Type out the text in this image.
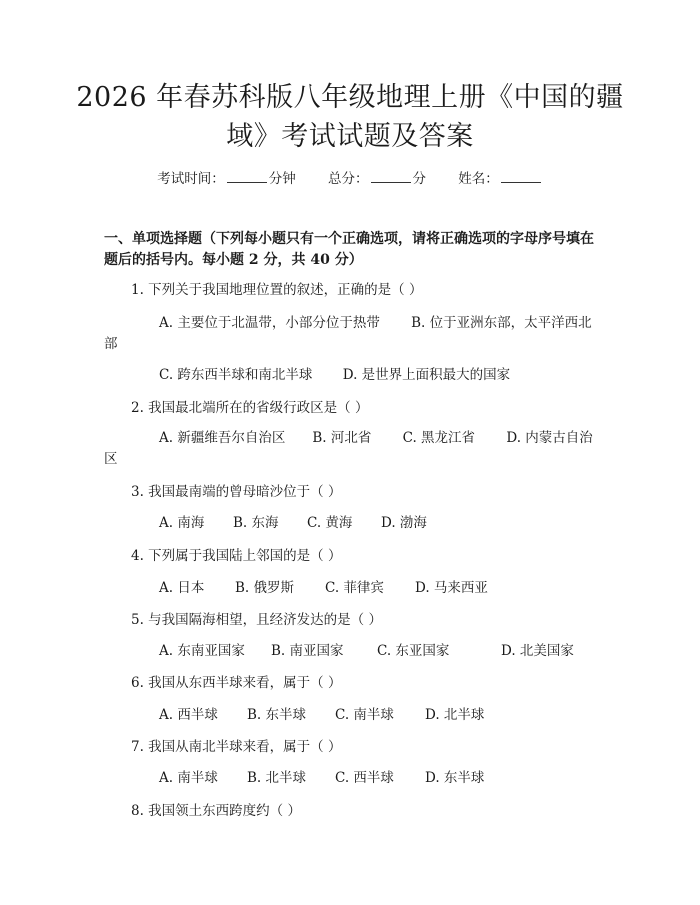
2026 年春苏科版八年级地理上册《中国的疆
域》考试试题及答案
考试时间：	分钟 总分：	分 姓名：
一、单项选择题（下列每小题只有一个正确选项，请将正确选项的字母序号填在题后的括号内。每小题 2 分，共 40 分）
1. 下列关于我国地理位置的叙述，正确的是（ ）
A. 主要位于北温带，小部分位于热带　　 B. 位于亚洲东部，太平洋西北部
C. 跨东西半球和南北半球 D. 是世界上面积最大的国家
2. 我国最北端所在的省级行政区是（ ）
A. 新疆维吾尔自治区　　B. 河北省　　 C. 黑龙江省　　 D. 内蒙古自治区
3. 我国最南端的曾母暗沙位于（ ）
A. 南海 B. 东海 C. 黄海 D. 渤海
4. 下列属于我国陆上邻国的是（ ）
A. 日本 B. 俄罗斯 C. 菲律宾 D. 马来西亚
5. 与我国隔海相望，且经济发达的是（ ）
A. 东南亚国家 B. 南亚国家 C. 东亚国家	D. 北美国家
6. 我国从东西半球来看，属于（ ）
A. 西半球 B. 东半球 C. 南半球 D. 北半球
7. 我国从南北半球来看，属于（ ）
A. 南半球 B. 北半球 C. 西半球 D. 东半球
8. 我国领土东西跨度约（ ）
